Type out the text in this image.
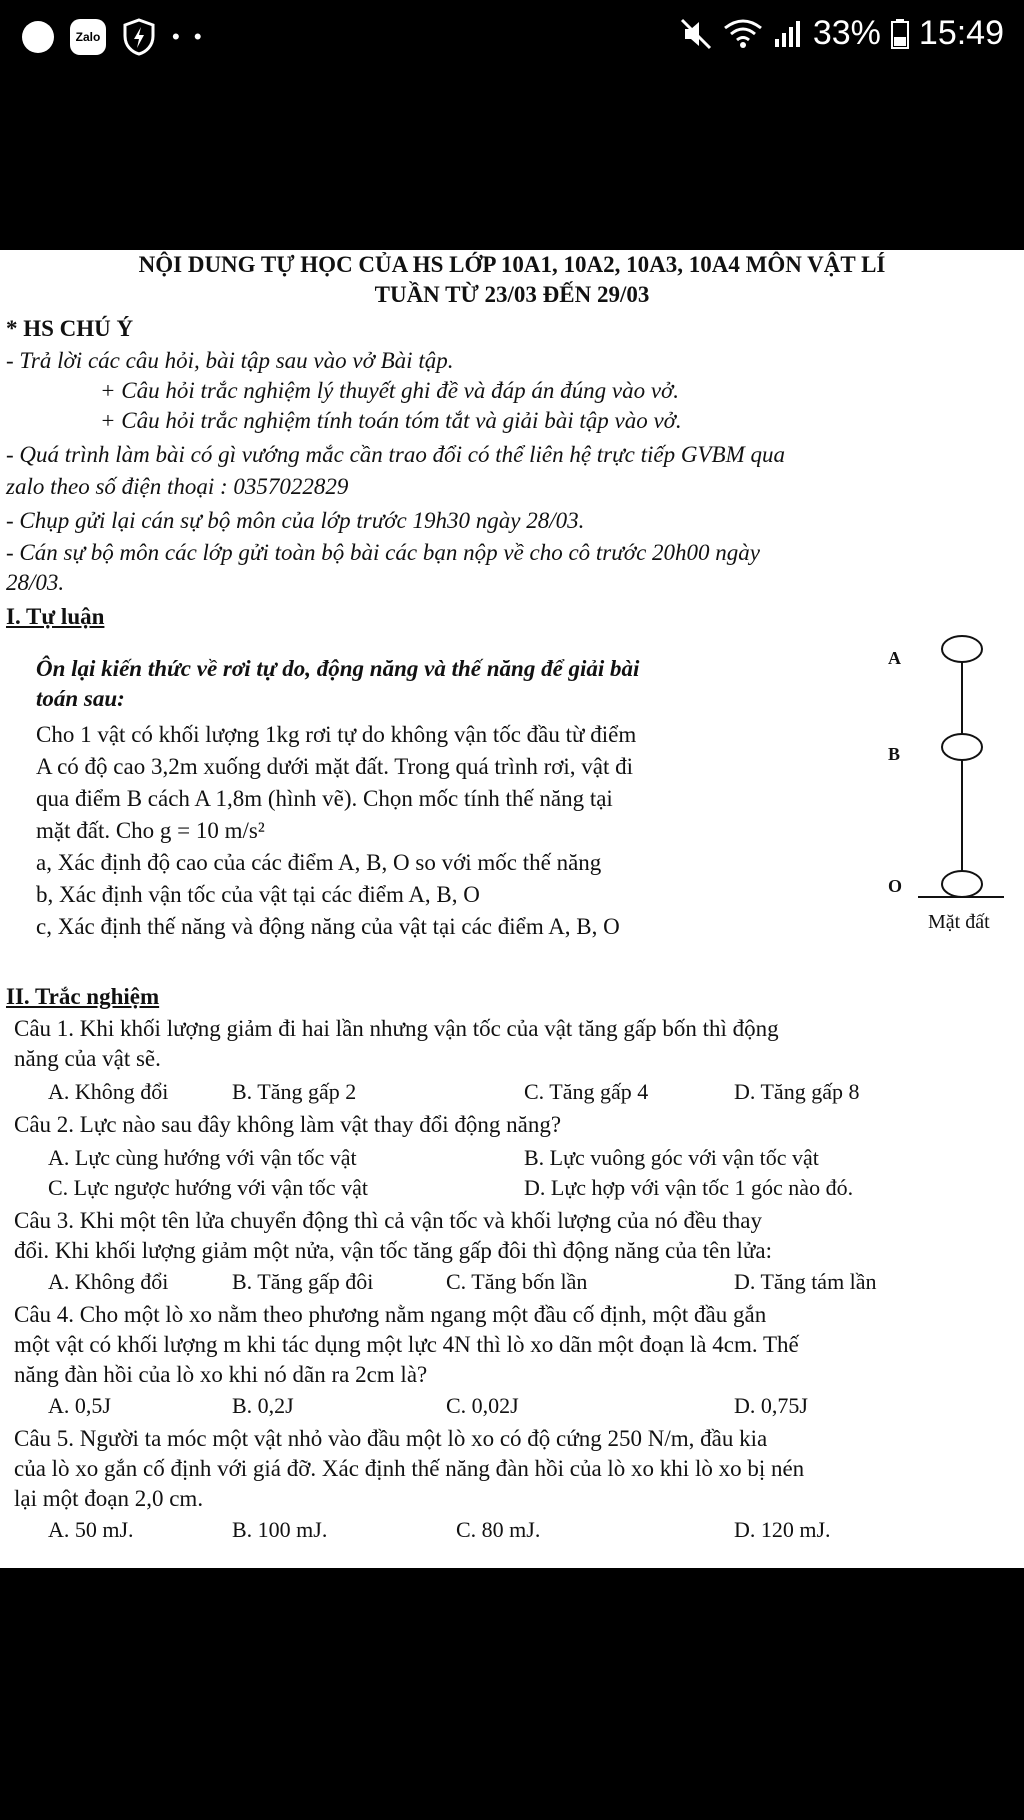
Zalo	• •	33% 15:49
NỘI DUNG TỰ HỌC CỦA HS LỚP 10A1, 10A2, 10A3, 10A4 MÔN VẬT LÍ
TUẦN TỪ 23/03 ĐẾN 29/03
* HS CHÚ Ý
- Trả lời các câu hỏi, bài tập sau vào vở Bài tập.
+ Câu hỏi trắc nghiệm lý thuyết ghi đề và đáp án đúng vào vở.
+ Câu hỏi trắc nghiệm tính toán tóm tắt và giải bài tập vào vở.
- Quá trình làm bài có gì vướng mắc cần trao đổi có thể liên hệ trực tiếp GVBM qua
zalo theo số điện thoại : 0357022829
- Chụp gửi lại cán sự bộ môn của lớp trước 19h30 ngày 28/03.
- Cán sự bộ môn các lớp gửi toàn bộ bài các bạn nộp về cho cô trước 20h00 ngày
28/03.
I. Tự luận
Ôn lại kiến thức về rơi tự do, động năng và thế năng để giải bài
toán sau:
Cho 1 vật có khối lượng 1kg rơi tự do không vận tốc đầu từ điểm
A có độ cao 3,2m xuống dưới mặt đất. Trong quá trình rơi, vật đi
qua điểm B cách A 1,8m (hình vẽ). Chọn mốc tính thế năng tại
mặt đất. Cho g = 10 m/s²
a, Xác định độ cao của các điểm A, B, O so với mốc thế năng
b, Xác định vận tốc của vật tại các điểm A, B, O
c, Xác định thế năng và động năng của vật tại các điểm A, B, O
A
B
O
Mặt đất
II. Trắc nghiệm
Câu 1. Khi khối lượng giảm đi hai lần nhưng vận tốc của vật tăng gấp bốn thì động
năng của vật sẽ.
A. Không đổi	B. Tăng gấp 2	C. Tăng gấp 4	D. Tăng gấp 8
Câu 2. Lực nào sau đây không làm vật thay đổi động năng?
A. Lực cùng hướng với vận tốc vật	B. Lực vuông góc với vận tốc vật
C. Lực ngược hướng với vận tốc vật	D. Lực hợp với vận tốc 1 góc nào đó.
Câu 3. Khi một tên lửa chuyển động thì cả vận tốc và khối lượng của nó đều thay
đổi. Khi khối lượng giảm một nửa, vận tốc tăng gấp đôi thì động năng của tên lửa:
A. Không đổi	B. Tăng gấp đôi	C. Tăng bốn lần	D. Tăng tám lần
Câu 4. Cho một lò xo nằm theo phương nằm ngang một đầu cố định, một đầu gắn
một vật có khối lượng m khi tác dụng một lực 4N thì lò xo dãn một đoạn là 4cm. Thế
năng đàn hồi của lò xo khi nó dãn ra 2cm là?
A. 0,5J	B. 0,2J	C. 0,02J	D. 0,75J
Câu 5. Người ta móc một vật nhỏ vào đầu một lò xo có độ cứng 250 N/m, đầu kia
của lò xo gắn cố định với giá đỡ. Xác định thế năng đàn hồi của lò xo khi lò xo bị nén
lại một đoạn 2,0 cm.
A. 50 mJ.	B. 100 mJ.	C. 80 mJ.	D. 120 mJ.
